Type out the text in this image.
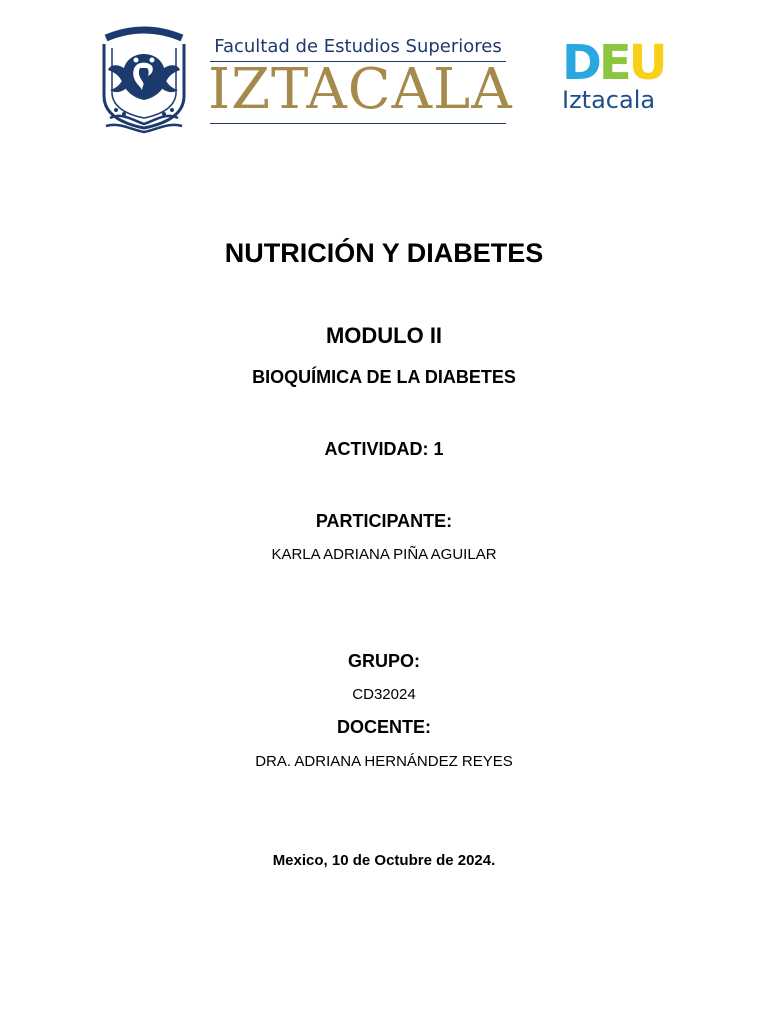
Facultad de Estudios Superiores
IZTACALA DEU
Iztacala
NUTRICIÓN Y DIABETES
MODULO II
BIOQUÍMICA DE LA DIABETES
ACTIVIDAD: 1
PARTICIPANTE:
KARLA ADRIANA PIÑA AGUILAR
GRUPO:
CD32024
DOCENTE:
DRA. ADRIANA HERNÁNDEZ REYES
Mexico, 10 de Octubre de 2024.
